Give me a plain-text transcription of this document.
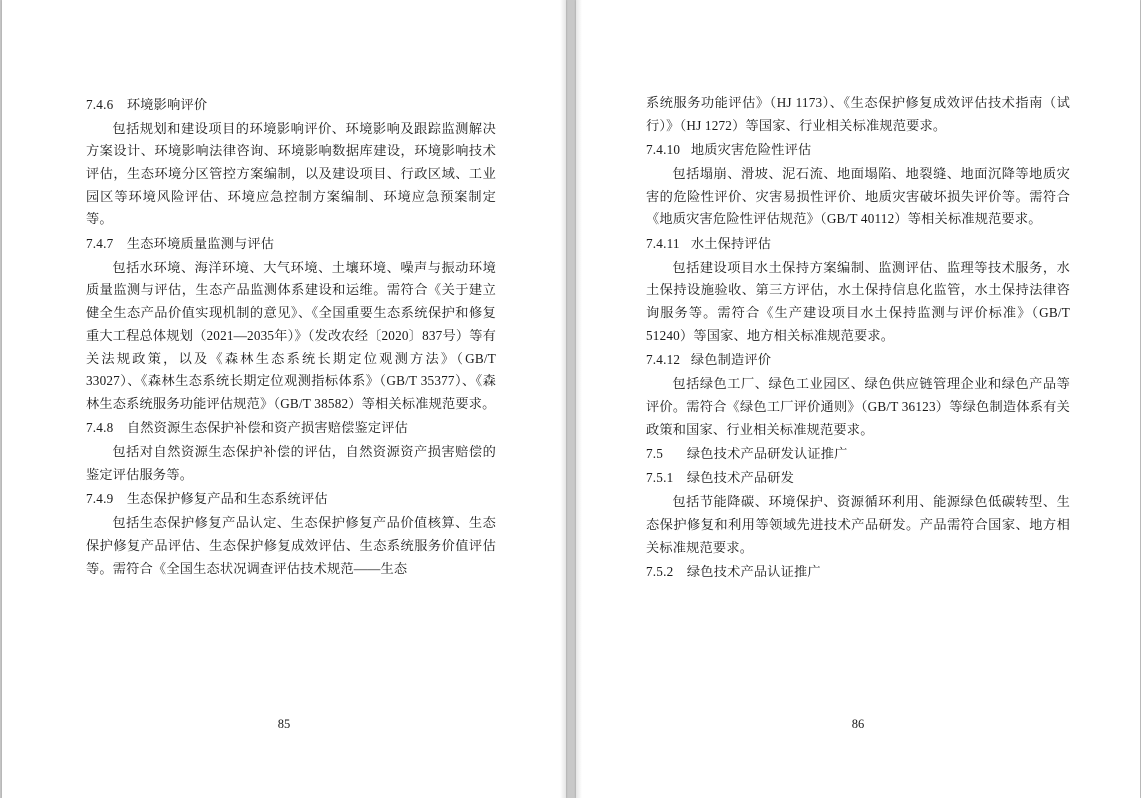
7.4.6 环境影响评价

包括规划和建设项目的环境影响评价、环境影响及跟踪监测解决方案设计、环境影响法律咨询、环境影响数据库建设，环境影响技术评估，生态环境分区管控方案编制，以及建设项目、行政区域、工业园区等环境风险评估、环境应急控制方案编制、环境应急预案制定等。

7.4.7 生态环境质量监测与评估

包括水环境、海洋环境、大气环境、土壤环境、噪声与振动环境质量监测与评估，生态产品监测体系建设和运维。需符合《关于建立健全生态产品价值实现机制的意见》、《全国重要生态系统保护和修复重大工程总体规划（2021—2035年）》（发改农经〔2020〕837号）等有关法规政策，以及《森林生态系统长期定位观测方法》（GB/T 33027）、《森林生态系统长期定位观测指标体系》（GB/T 35377）、《森林生态系统服务功能评估规范》（GB/T 38582）等相关标准规范要求。

7.4.8 自然资源生态保护补偿和资产损害赔偿鉴定评估

包括对自然资源生态保护补偿的评估，自然资源资产损害赔偿的鉴定评估服务等。

7.4.9 生态保护修复产品和生态系统评估

包括生态保护修复产品认定、生态保护修复产品价值核算、生态保护修复产品评估、生态保护修复成效评估、生态系统服务价值评估等。需符合《全国生态状况调查评估技术规范——生态

85

系统服务功能评估》（HJ 1173）、《生态保护修复成效评估技术指南（试行）》（HJ 1272）等国家、行业相关标准规范要求。

7.4.10 地质灾害危险性评估

包括塌崩、滑坡、泥石流、地面塌陷、地裂缝、地面沉降等地质灾害的危险性评价、灾害易损性评价、地质灾害破坏损失评价等。需符合《地质灾害危险性评估规范》（GB/T 40112）等相关标准规范要求。

7.4.11 水土保持评估

包括建设项目水土保持方案编制、监测评估、监理等技术服务，水土保持设施验收、第三方评估，水土保持信息化监管，水土保持法律咨询服务等。需符合《生产建设项目水土保持监测与评价标准》（GB/T 51240）等国家、地方相关标准规范要求。

7.4.12 绿色制造评价

包括绿色工厂、绿色工业园区、绿色供应链管理企业和绿色产品等评价。需符合《绿色工厂评价通则》（GB/T 36123）等绿色制造体系有关政策和国家、行业相关标准规范要求。

7.5 绿色技术产品研发认证推广

7.5.1 绿色技术产品研发

包括节能降碳、环境保护、资源循环利用、能源绿色低碳转型、生态保护修复和利用等领域先进技术产品研发。产品需符合国家、地方相关标准规范要求。

7.5.2 绿色技术产品认证推广

86
